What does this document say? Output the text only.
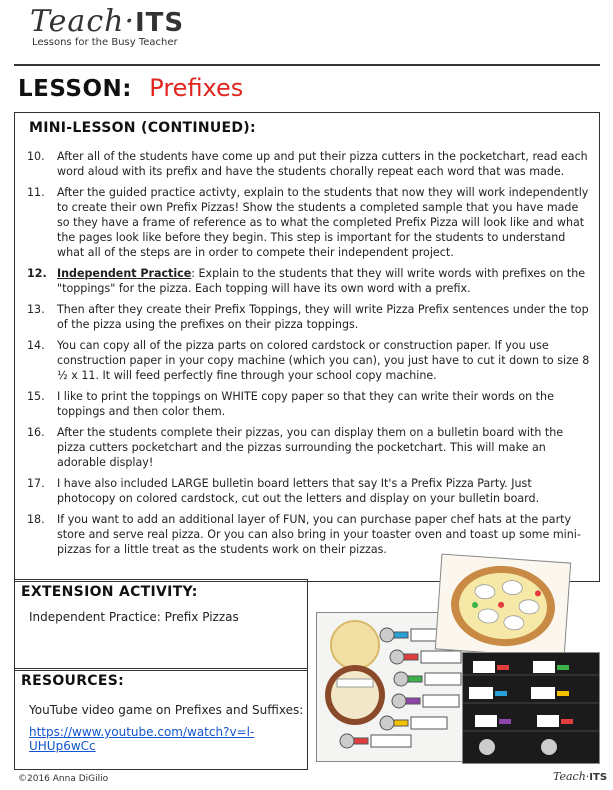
Teach·ITS
Lessons for the Busy Teacher
LESSON: Prefixes
MINI-LESSON (CONTINUED):
10.	After all of the students have come up and put their pizza cutters in the pocketchart, read each word aloud with its prefix and have the students chorally repeat each word that was made.
11.	After the guided practice activty, explain to the students that now they will work independently to create their own Prefix Pizzas! Show the students a completed sample that you have made so they have a frame of reference as to what the completed Prefix Pizza will look like and what the pages look like before they begin. This step is important for the students to understand what all of the steps are in order to compete their independent project.
12. Independent Practice: Explain to the students that they will write words with prefixes on the "toppings" for the pizza. Each topping will have its own word with a prefix.
13.	Then after they create their Prefix Toppings, they will write Pizza Prefix sentences under the top of the pizza using the prefixes on their pizza toppings.
14.	You can copy all of the pizza parts on colored cardstock or construction paper. If you use construction paper in your copy machine (which you can), you just have to cut it down to size 8 ½ x 11. It will feed perfectly fine through your school copy machine.
15.	I like to print the toppings on WHITE copy paper so that they can write their words on the toppings and then color them.
16.	After the students complete their pizzas, you can display them on a bulletin board with the pizza cutters pocketchart and the pizzas surrounding the pocketchart. This will make an adorable display!
17.	I have also included LARGE bulletin board letters that say It's a Prefix Pizza Party. Just photocopy on colored cardstock, cut out the letters and display on your bulletin board.
18.	If you want to add an additional layer of FUN, you can purchase paper chef hats at the party store and serve real pizza. Or you can also bring in your toaster oven and toast up some mini-pizzas for a little treat as the students work on their pizzas.
EXTENSION ACTIVITY:
Independent Practice: Prefix Pizzas
RESOURCES:
YouTube video game on Prefixes and Suffixes:
https://www.youtube.com/watch?v=l-
UHUp6wCc
©2016 Anna DiGilio	Teach·ITS
